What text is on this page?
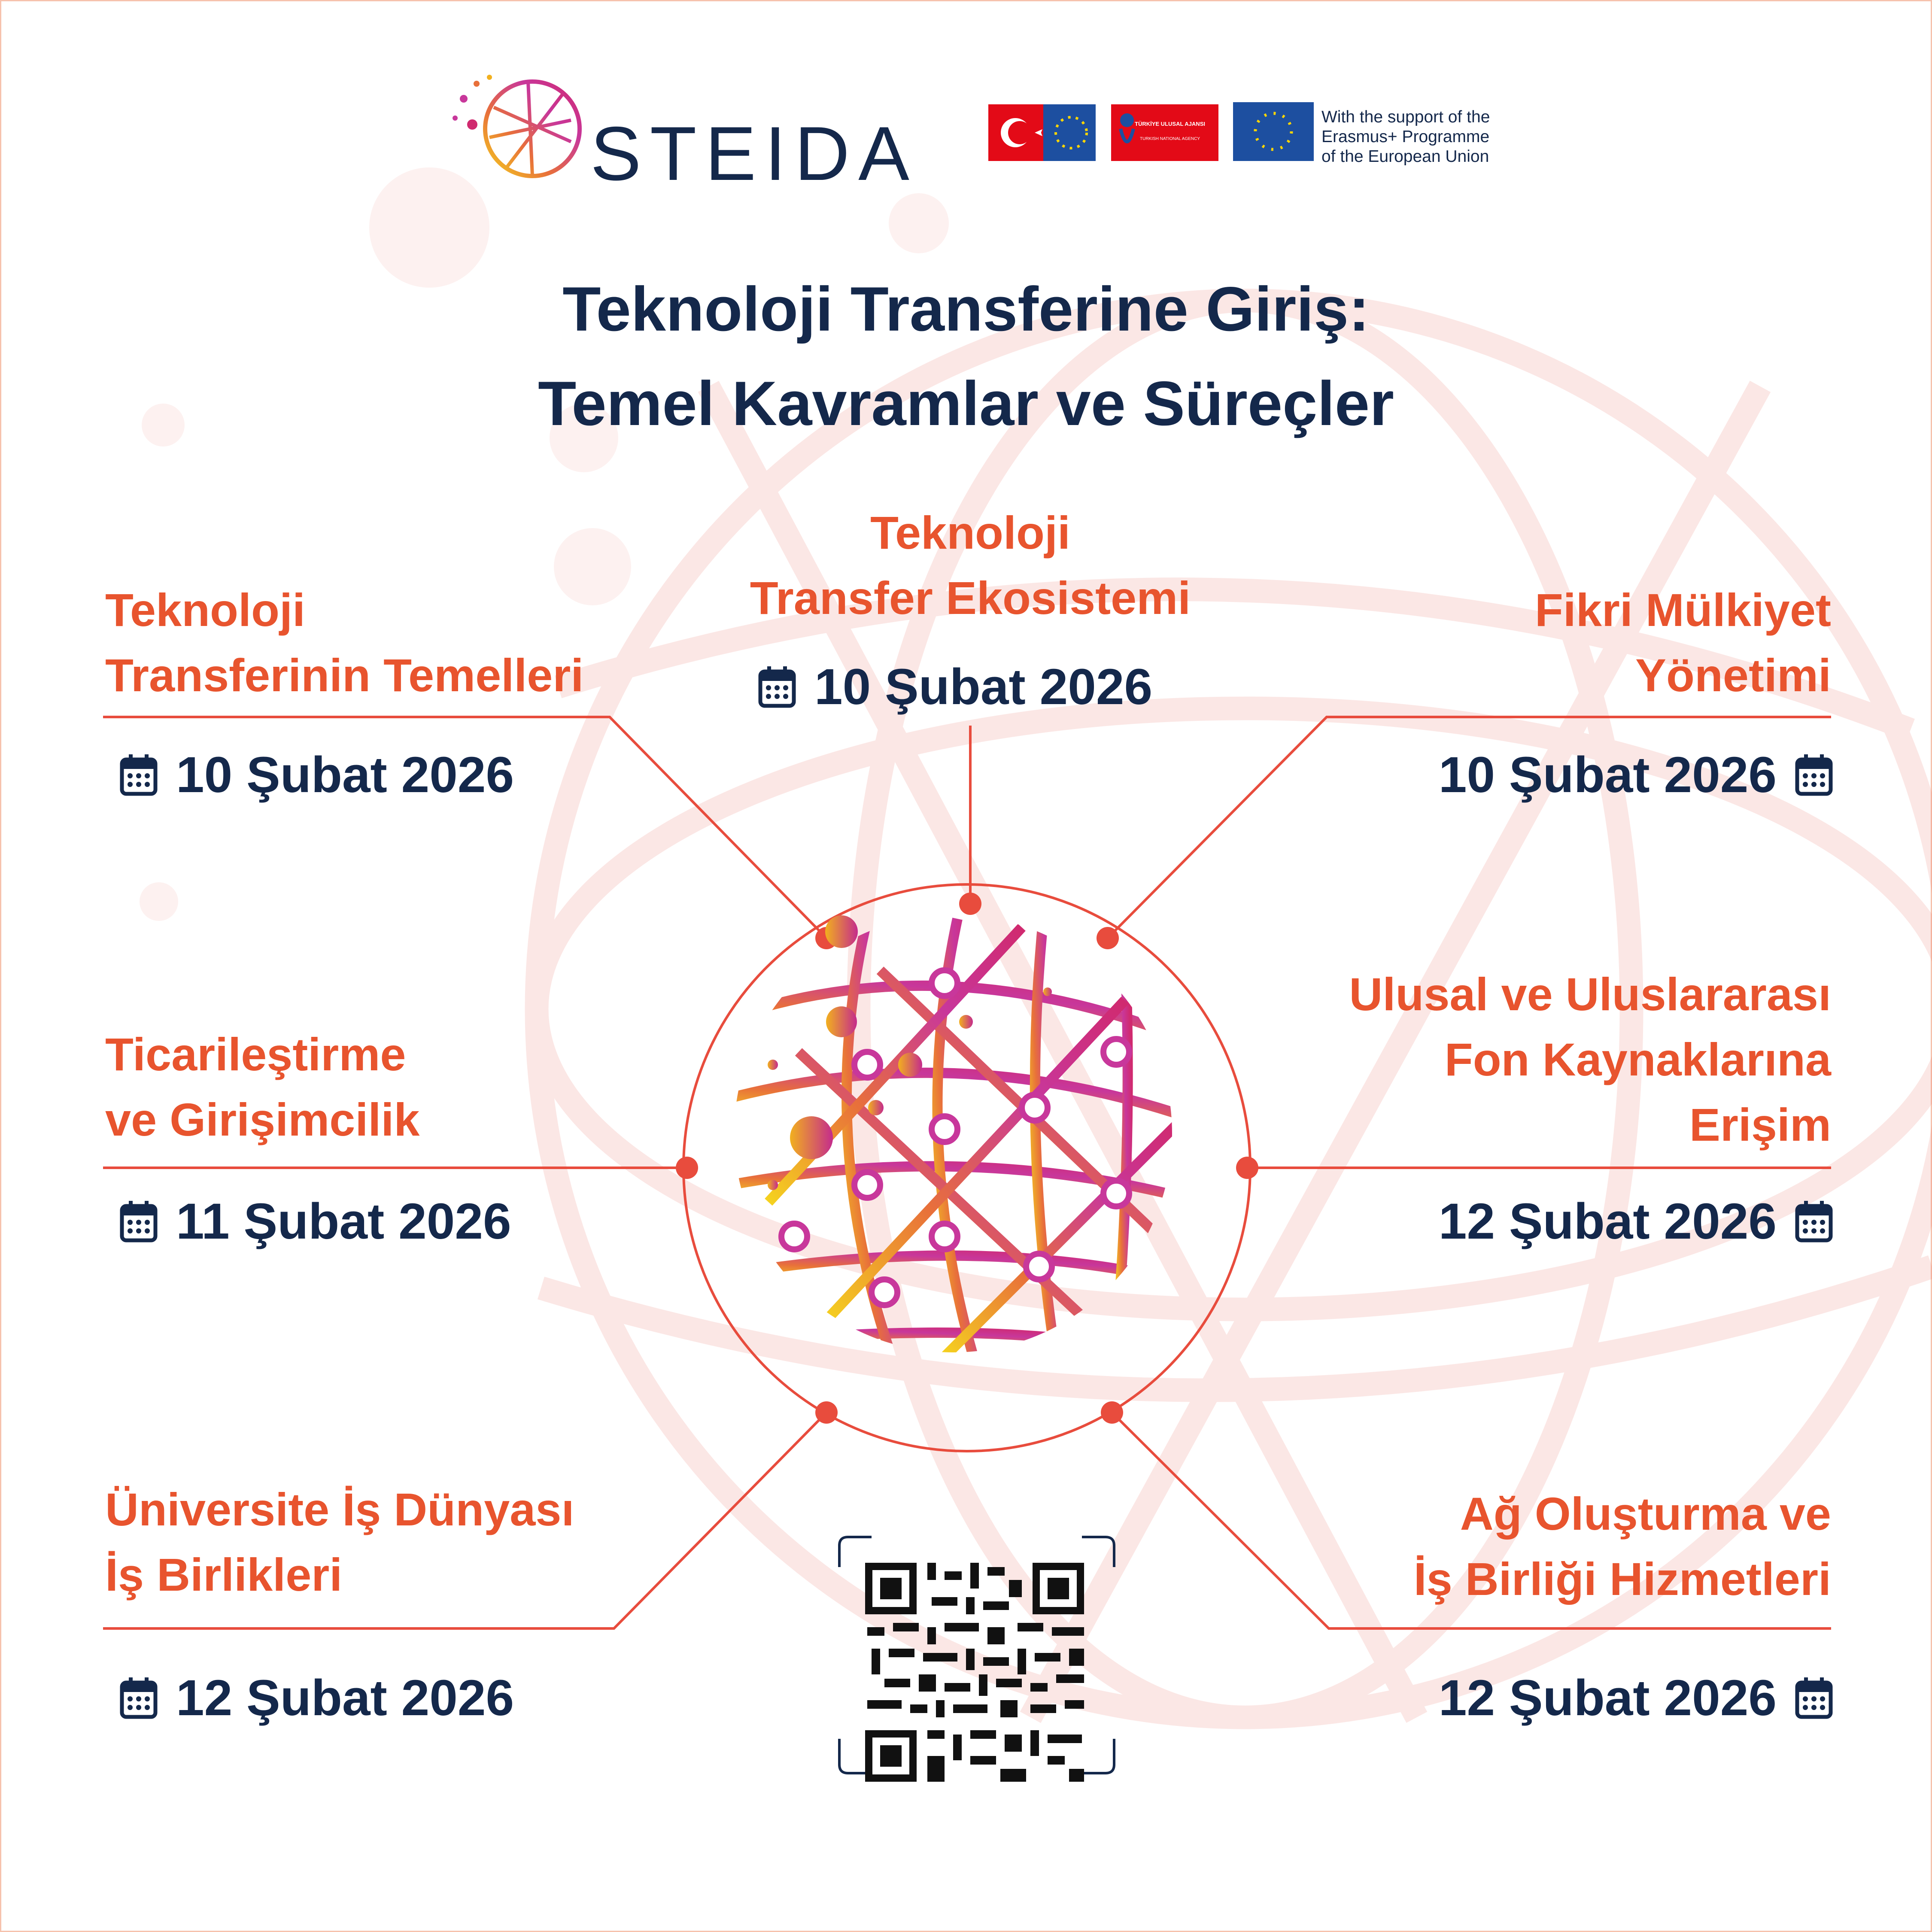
STEIDA	TÜRKİYE ULUSAL AJANSI
TURKISH NATIONAL AGENCY
With the support of the
Erasmus+ Programme
of the European Union
Teknoloji Transferine Giriş:
Temel Kavramlar ve Süreçler
Teknoloji
Transfer Ekosistemi
10 Şubat 2026
Teknoloji
Transferinin Temelleri
10 Şubat 2026
Fikri Mülkiyet
Yönetimi
10 Şubat 2026
Ticarileştirme
ve Girişimcilik
11 Şubat 2026
Ulusal ve Uluslararası
Fon Kaynaklarına
Erişim
12 Şubat 2026
Üniversite İş Dünyası
İş Birlikleri
12 Şubat 2026
Ağ Oluşturma ve
İş Birliği Hizmetleri
12 Şubat 2026
